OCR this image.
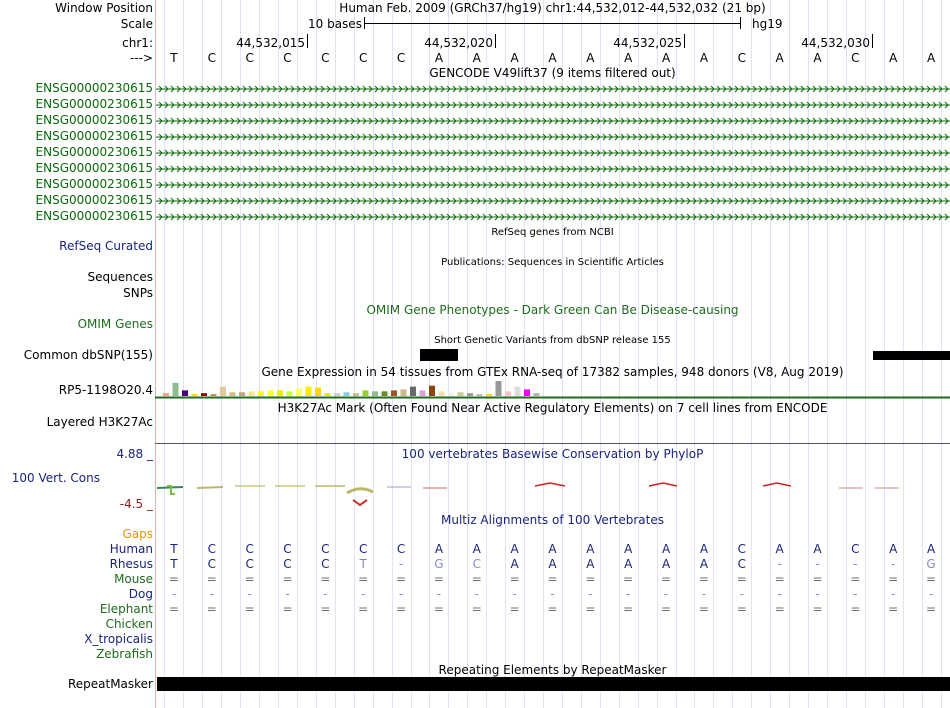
Window Position	Human Feb. 2009 (GRCh37/hg19) chr1:44,532,012-44,532,032 (21 bp)
Scale	10 bases	hg19
chr1:	44,532,015	44,532,020	44,532,025	44,532,030
--->	T	C	C	C	C	C	C	A	A	A	A	A	A	A	A	C	A	A	C	A	A
GENCODE V49lift37 (9 items filtered out)
ENSG00000230615
ENSG00000230615
ENSG00000230615
ENSG00000230615
ENSG00000230615
ENSG00000230615
ENSG00000230615
ENSG00000230615
ENSG00000230615
RefSeq genes from NCBI
RefSeq Curated
Publications: Sequences in Scientific Articles
Sequences
SNPs
OMIM Gene Phenotypes - Dark Green Can Be Disease-causing
OMIM Genes
Short Genetic Variants from dbSNP release 155
Common dbSNP(155)
Gene Expression in 54 tissues from GTEx RNA-seq of 17382 samples, 948 donors (V8, Aug 2019)
RP5-1198O20.4
H3K27Ac Mark (Often Found Near Active Regulatory Elements) on 7 cell lines from ENCODE
Layered H3K27Ac
100 vertebrates Basewise Conservation by PhyloP
4.88 _
100 Vert. Cons
-4.5 _
Multiz Alignments of 100 Vertebrates
Gaps
Human	T	C	C	C	C	C	C	A	A	A	A	A	A	A	A	C	A	A	C	A	A
Rhesus	T	C	C	C	C	T	-	G	C	A	A	A	A	A	A	C	-	-	-	-	G
Mouse	=	=	=	=	=	=	=	=	=	=	=	=	=	=	=	=	=	=	=	=	=
Dog	-	-	-	-	-	-	-	-	-	-	-	-	-	-	-	-	-	-	-	-	-
Elephant	=	=	=	=	=	=	=	=	=	=	=	=	=	=	=	=	=	=	=	=	=
Chicken
X_tropicalis
Zebrafish
Repeating Elements by RepeatMasker
RepeatMasker
